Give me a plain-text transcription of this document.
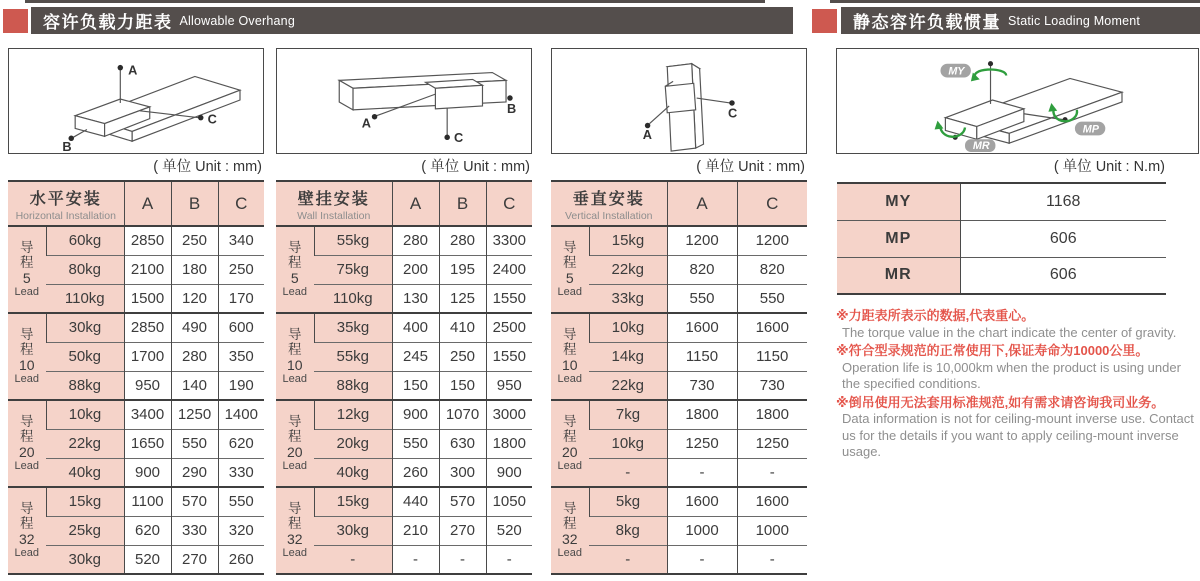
容许负载力距表 Allowable Overhang	静态容许负载惯量 Static Loading Moment
A
C
B
( 单位 Unit : mm)
水平安装
Horizontal Installation		A	B	C

导
程
5
Lead	60kg	2850	250	340
	80kg	2100	180	250
	110kg	1500	120	170

导
程
10
Lead	30kg	2850	490	600
	50kg	1700	280	350
	88kg	950	140	190

导
程
20
Lead	10kg	3400	1250	1400
	22kg	1650	550	620
	40kg	900	290	330

导
程
32
Lead	15kg	1100	570	550
	25kg	620	330	320
	30kg	520	270	260
A
C
B
( 单位 Unit : mm)
壁挂安装
Wall Installation		A	B	C

导
程
5
Lead	55kg	280	280	3300
	75kg	200	195	2400
	110kg	130	125	1550

导
程
10
Lead	35kg	400	410	2500
	55kg	245	250	1550
	88kg	150	150	950

导
程
20
Lead	12kg	900	1070	3000
	20kg	550	630	1800
	40kg	260	300	900

导
程
32
Lead	15kg	440	570	1050
	30kg	210	270	520
	-	-	-	-
A
C
( 单位 Unit : mm)
垂直安装
Vertical Installation		A	C

导
程
5
Lead	15kg	1200	1200
	22kg	820	820
	33kg	550	550

导
程
10
Lead	10kg	1600	1600
	14kg	1150	1150
	22kg	730	730

导
程
20
Lead	7kg	1800	1800
	10kg	1250	1250
	-	-	-

导
程
32
Lead	5kg	1600	1600
	8kg	1000	1000
	-	-	-
MY
MP
MR
( 单位 Unit : N.m)
MY	1168
MP	606
MR	606
※力距表所表示的数据,代表重心。
The torque value in the chart indicate the center of gravity.
※符合型录规范的正常使用下,保证寿命为10000公里。
Operation life is 10,000km when the product is using under the specified conditions.
※倒吊使用无法套用标准规范,如有需求请咨询我司业务。
Data information is not for ceiling-mount inverse use. Contact us for the details if you want to apply ceiling-mount inverse usage.
